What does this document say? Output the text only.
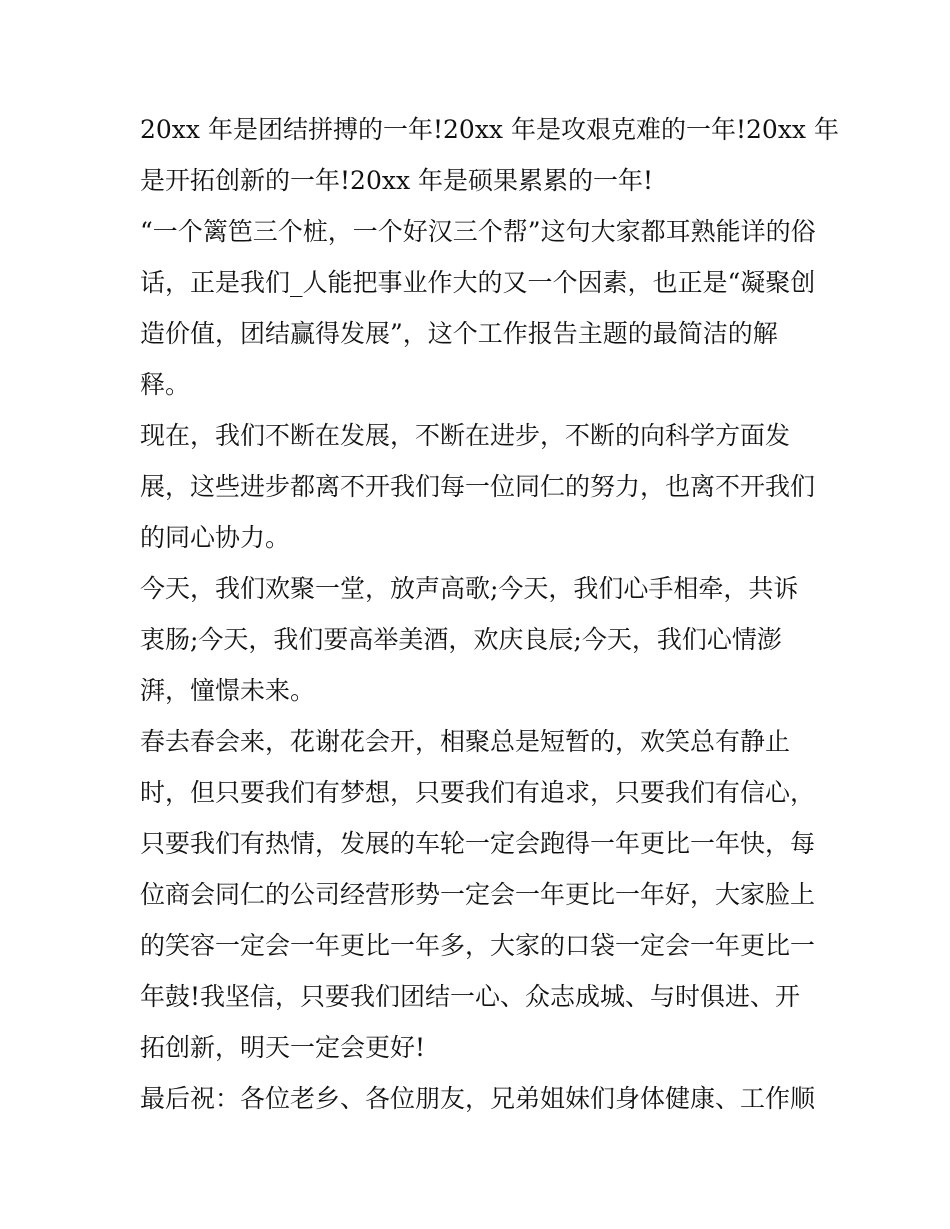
20xx 年是团结拼搏的一年!20xx 年是攻艰克难的一年!20xx 年
是开拓创新的一年!20xx 年是硕果累累的一年!
“一个篱笆三个桩，一个好汉三个帮”这句大家都耳熟能详的俗
话，正是我们_人能把事业作大的又一个因素，也正是“凝聚创
造价值，团结赢得发展”，这个工作报告主题的最简洁的解
释。
现在，我们不断在发展，不断在进步，不断的向科学方面发
展，这些进步都离不开我们每一位同仁的努力，也离不开我们
的同心协力。
今天，我们欢聚一堂，放声高歌;今天，我们心手相牵，共诉
衷肠;今天，我们要高举美酒，欢庆良辰;今天，我们心情澎
湃，憧憬未来。
春去春会来，花谢花会开，相聚总是短暂的，欢笑总有静止
时，但只要我们有梦想，只要我们有追求，只要我们有信心，
只要我们有热情，发展的车轮一定会跑得一年更比一年快，每
位商会同仁的公司经营形势一定会一年更比一年好，大家脸上
的笑容一定会一年更比一年多，大家的口袋一定会一年更比一
年鼓!我坚信，只要我们团结一心、众志成城、与时俱进、开
拓创新，明天一定会更好!
最后祝：各位老乡、各位朋友，兄弟姐妹们身体健康、工作顺
